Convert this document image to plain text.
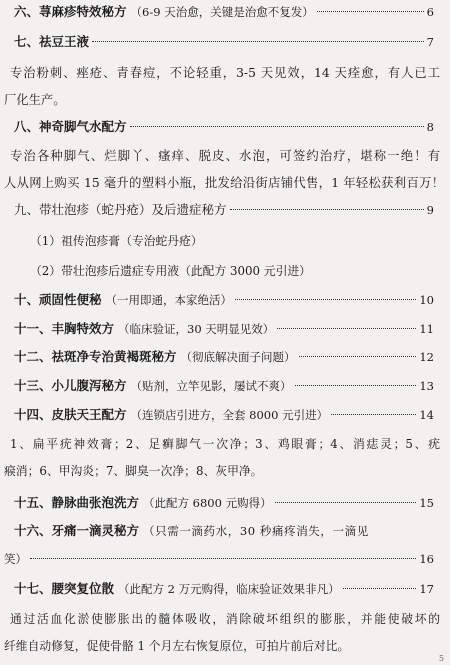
六、荨麻疹特效秘方 （6-9 天治愈，关键是治愈不复发）	6
七、祛豆王液	7
专治粉刺、痤疮、青春痘，不论轻重，3-5 天见效，14 天痊愈，有人已工
厂化生产。
八、神奇脚气水配方	8
专治各种脚气、烂脚丫、瘙痒、脱皮、水泡，可签约治疗，堪称一绝！有
人从网上购买 15 毫升的塑料小瓶，批发给沿街店铺代售，1 年轻松获利百万！
九、带壮泡疹（蛇丹疮）及后遗症秘方	9
（1）祖传泡疹膏（专治蛇丹疮）
（2）带壮泡疹后遗症专用液（此配方 3000 元引进）
十、顽固性便秘 （一用即通，本家绝活）	10
十一、丰胸特效方 （临床验证，30 天明显见效）	11
十二、祛斑净专治黄褐斑秘方 （彻底解决面子问题）	12
十三、小儿腹泻秘方 （贴剂，立竿见影，屡试不爽）	13
十四、皮肤天王配方 （连锁店引进方，全套 8000 元引进）	14
1、扁平疣神效膏；2、足癣脚气一次净；3、鸡眼膏；4、消痣灵；5、疣
瘊消；6、甲沟炎；7、脚臭一次净；8、灰甲净。
十五、静脉曲张泡洗方 （此配方 6800 元购得）	15
十六、牙痛一滴灵秘方 （只需一滴药水，30 秒痛疼消失，一滴见
笑）	16
十七、腰突复位散 （此配方 2 万元购得，临床验证效果非凡）	17
通过活血化淤使膨胀出的髓体吸收，消除破坏组织的膨胀，并能使破坏的
纤维自动修复，促使骨骼 1 个月左右恢复原位，可拍片前后对比。
5
